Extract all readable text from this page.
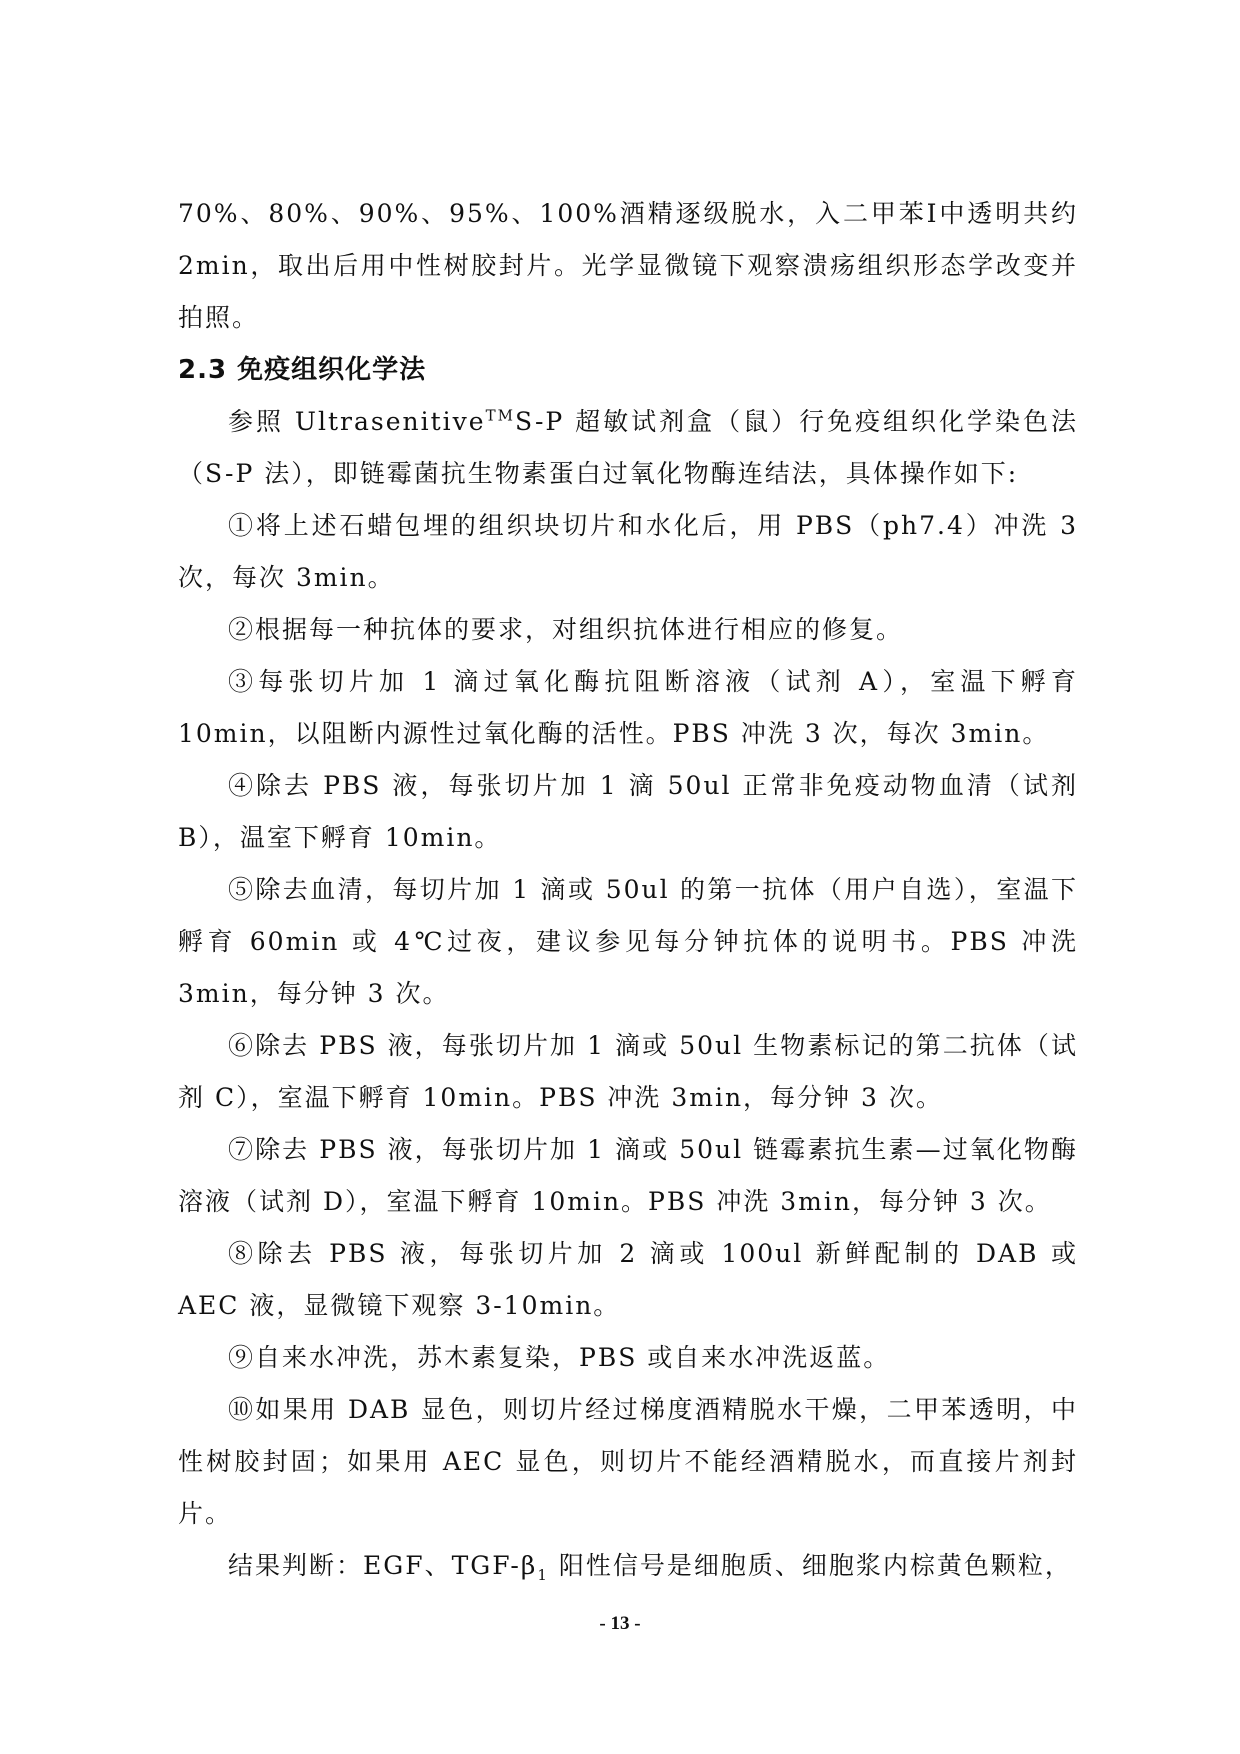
70%、80%、90%、95%、100%酒精逐级脱水，入二甲苯Ⅰ中透明共约2min，取出后用中性树胶封片。光学显微镜下观察溃疡组织形态学改变并拍照。

2.3 免疫组织化学法

参照 Ultrasenitive™S-P 超敏试剂盒（鼠）行免疫组织化学染色法（S-P 法），即链霉菌抗生物素蛋白过氧化物酶连结法，具体操作如下:

①将上述石蜡包埋的组织块切片和水化后，用 PBS（ph7.4）冲洗 3 次，每次 3min。

②根据每一种抗体的要求，对组织抗体进行相应的修复。

③每张切片加 1 滴过氧化酶抗阻断溶液（试剂 A），室温下孵育 10min，以阻断内源性过氧化酶的活性。PBS 冲洗 3 次，每次 3min。

④除去 PBS 液，每张切片加 1 滴 50ul 正常非免疫动物血清（试剂 B），温室下孵育 10min。

⑤除去血清，每切片加 1 滴或 50ul 的第一抗体（用户自选），室温下孵育 60min 或 4℃过夜，建议参见每分钟抗体的说明书。PBS 冲洗 3min，每分钟 3 次。

⑥除去 PBS 液，每张切片加 1 滴或 50ul 生物素标记的第二抗体（试剂 C），室温下孵育 10min。PBS 冲洗 3min，每分钟 3 次。

⑦除去 PBS 液，每张切片加 1 滴或 50ul 链霉素抗生素—过氧化物酶溶液（试剂 D），室温下孵育 10min。PBS 冲洗 3min，每分钟 3 次。

⑧除去 PBS 液，每张切片加 2 滴或 100ul 新鲜配制的 DAB 或 AEC 液，显微镜下观察 3-10min。

⑨自来水冲洗，苏木素复染，PBS 或自来水冲洗返蓝。

⑩如果用 DAB 显色，则切片经过梯度酒精脱水干燥，二甲苯透明，中性树胶封固；如果用 AEC 显色，则切片不能经酒精脱水，而直接片剂封片。

结果判断：EGF、TGF-$\beta_1$ 阳性信号是细胞质、细胞浆内棕黄色颗粒，

- 13 -
